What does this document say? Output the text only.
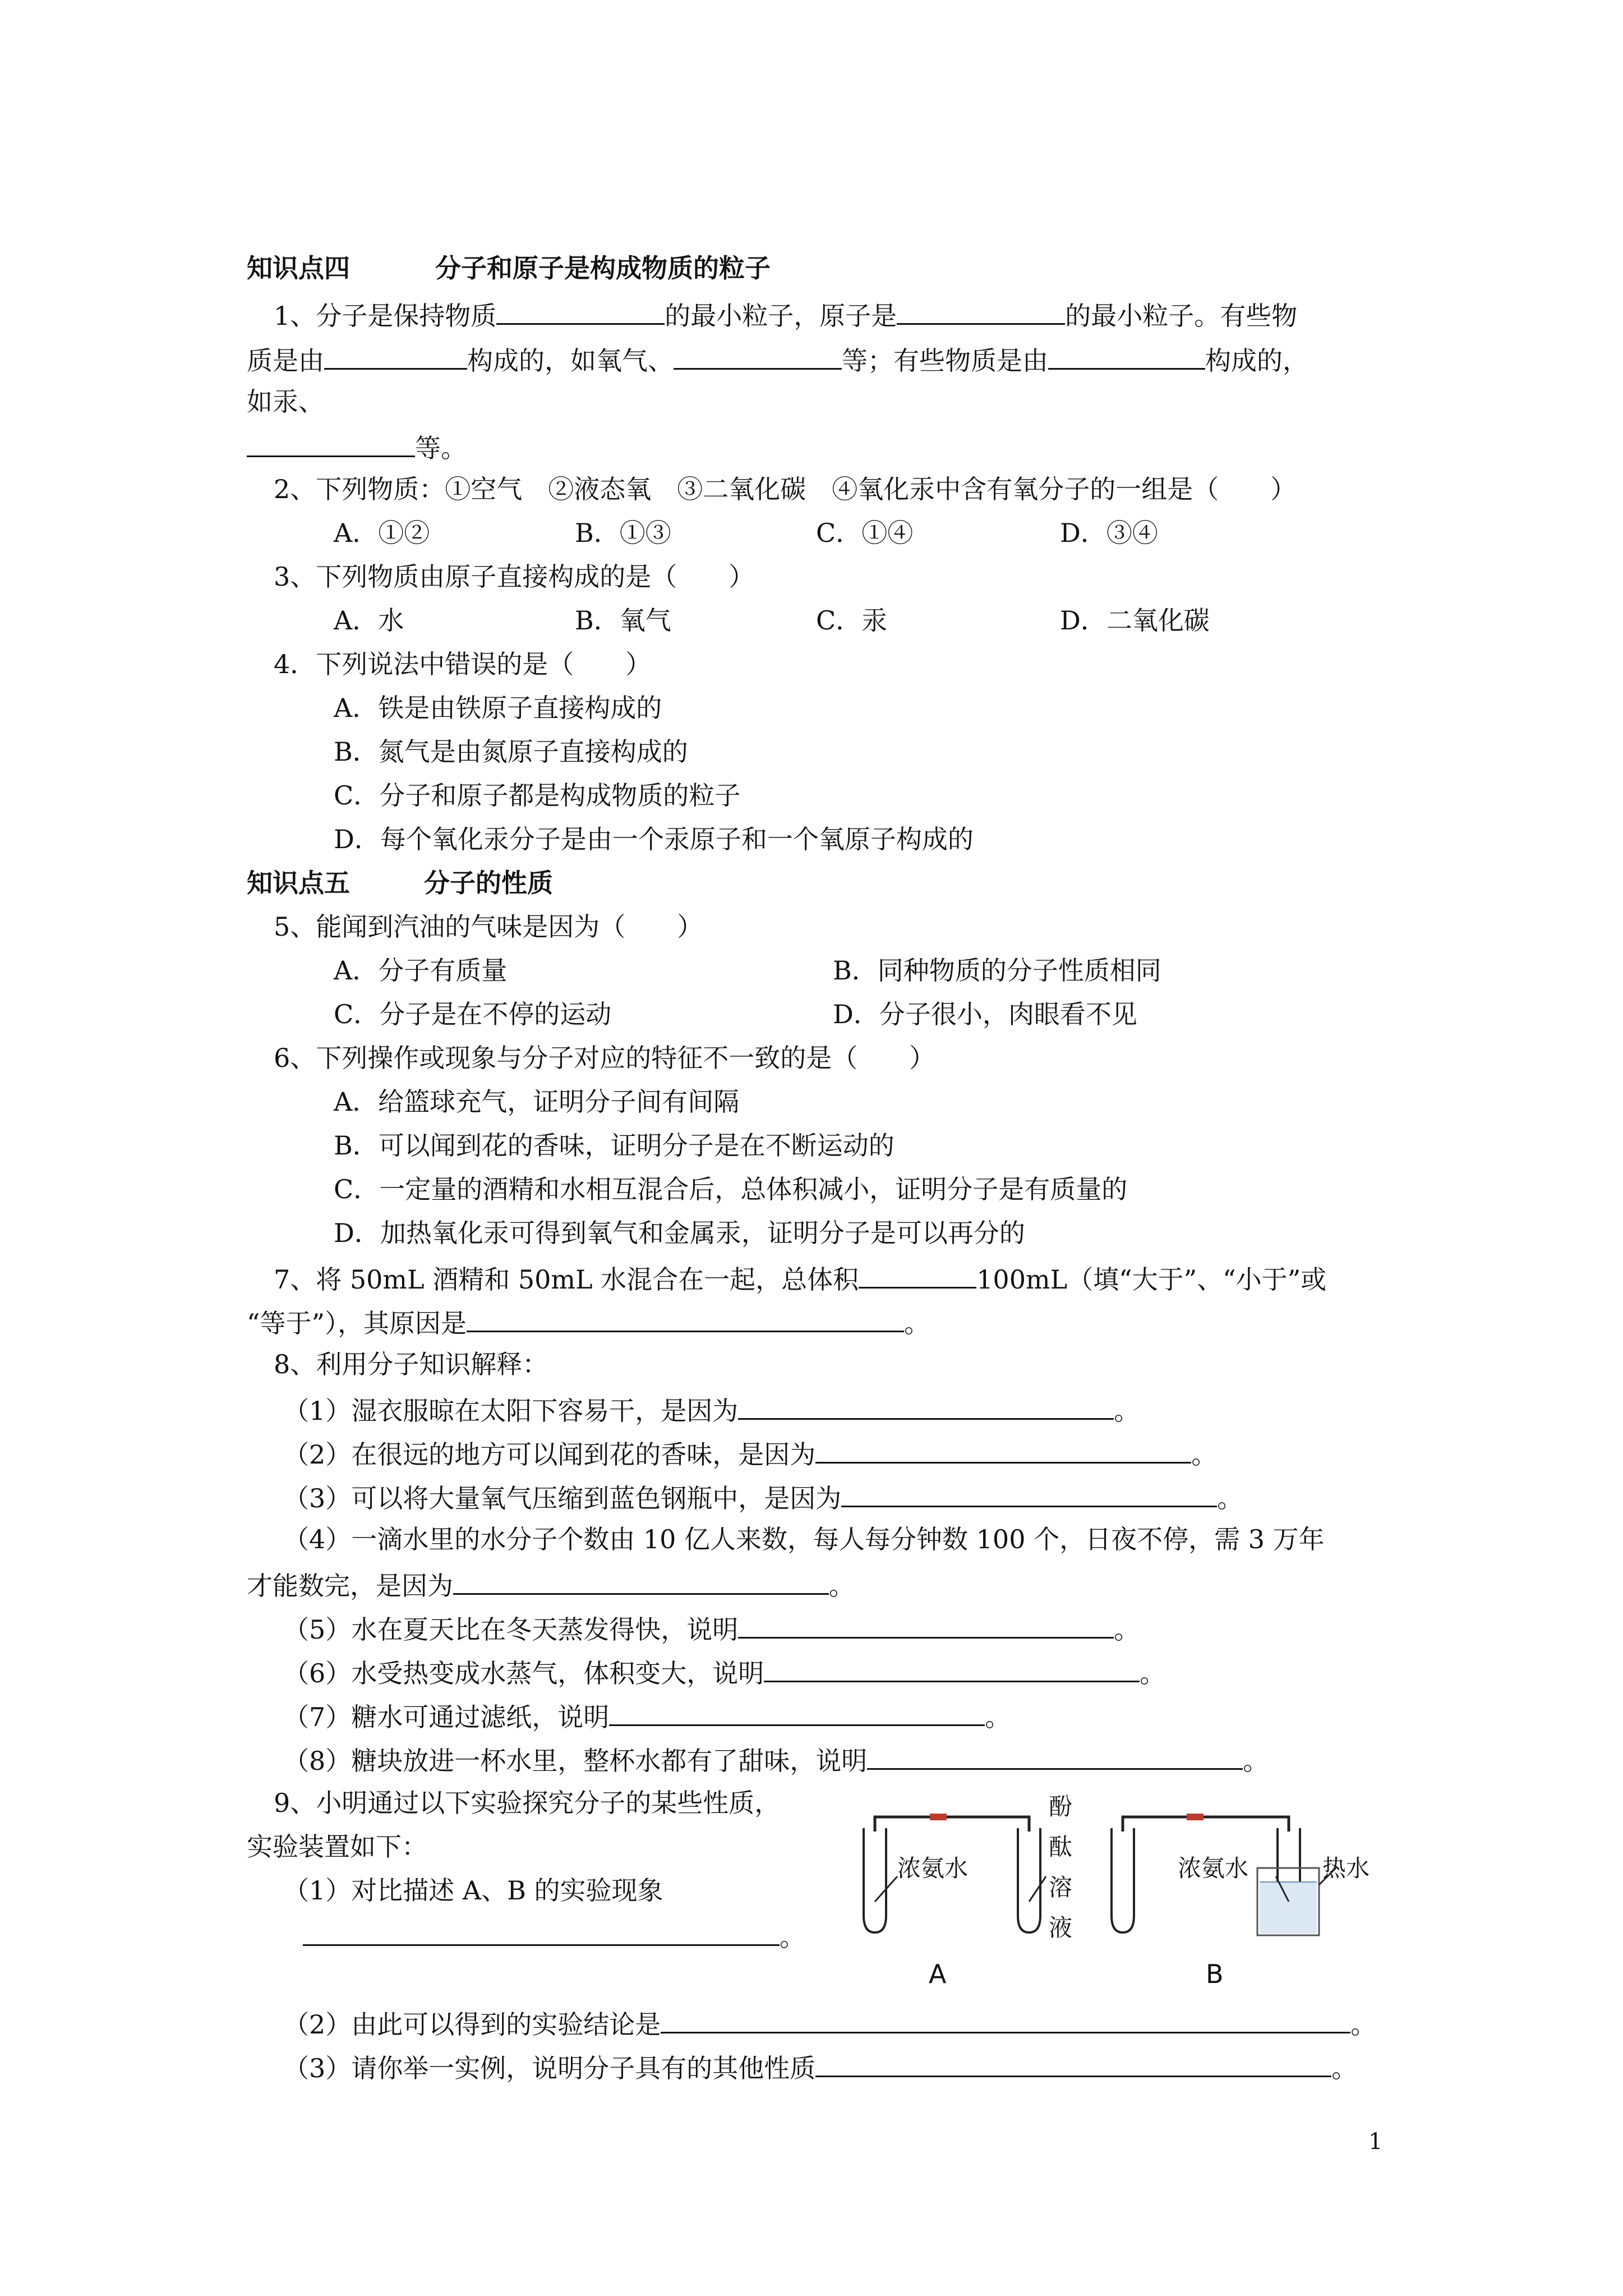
知识点四	分子和原子是构成物质的粒子
1、分子是保持物质	的最小粒子，原子是	的最小粒子。有些物
质是由	构成的，如氧气、	等；有些物质是由	构成的，
如汞、
等。
2、下列物质：①空气　②液态氧　③二氧化碳　④氧化汞中含有氧分子的一组是（　　）
A．①②	B．①③	C．①④	D．③④
3、下列物质由原子直接构成的是（　　）
A．水	B．氧气	C．汞	D．二氧化碳
4．下列说法中错误的是（　　）
A．铁是由铁原子直接构成的
B．氮气是由氮原子直接构成的
C．分子和原子都是构成物质的粒子
D．每个氧化汞分子是由一个汞原子和一个氧原子构成的
知识点五	分子的性质
5、能闻到汽油的气味是因为（　　）
A．分子有质量	B．同种物质的分子性质相同
C．分子是在不停的运动	D．分子很小，肉眼看不见
6、下列操作或现象与分子对应的特征不一致的是（　　）
A．给篮球充气，证明分子间有间隔
B．可以闻到花的香味，证明分子是在不断运动的
C．一定量的酒精和水相互混合后，总体积减小，证明分子是有质量的
D．加热氧化汞可得到氧气和金属汞，证明分子是可以再分的
7、将 50mL 酒精和 50mL 水混合在一起，总体积	100mL（填“大于”、“小于”或
“等于”），其原因是	。
8、利用分子知识解释：
（1）湿衣服晾在太阳下容易干，是因为	。
（2）在很远的地方可以闻到花的香味，是因为	。
（3）可以将大量氧气压缩到蓝色钢瓶中，是因为	。
（4）一滴水里的水分子个数由 10 亿人来数，每人每分钟数 100 个，日夜不停，需 3 万年
才能数完，是因为	。
（5）水在夏天比在冬天蒸发得快，说明	。
（6）水受热变成水蒸气，体积变大，说明	。
（7）糖水可通过滤纸，说明	。
（8）糖块放进一杯水里，整杯水都有了甜味，说明	。
9、小明通过以下实验探究分子的某些性质，
实验装置如下：
（1）对比描述 A、B 的实验现象
。
（2）由此可以得到的实验结论是	。
（3）请你举一实例，说明分子具有的其他性质	。
浓氨水
酚
酞
溶
液
A
浓氨水	热水
B
1
